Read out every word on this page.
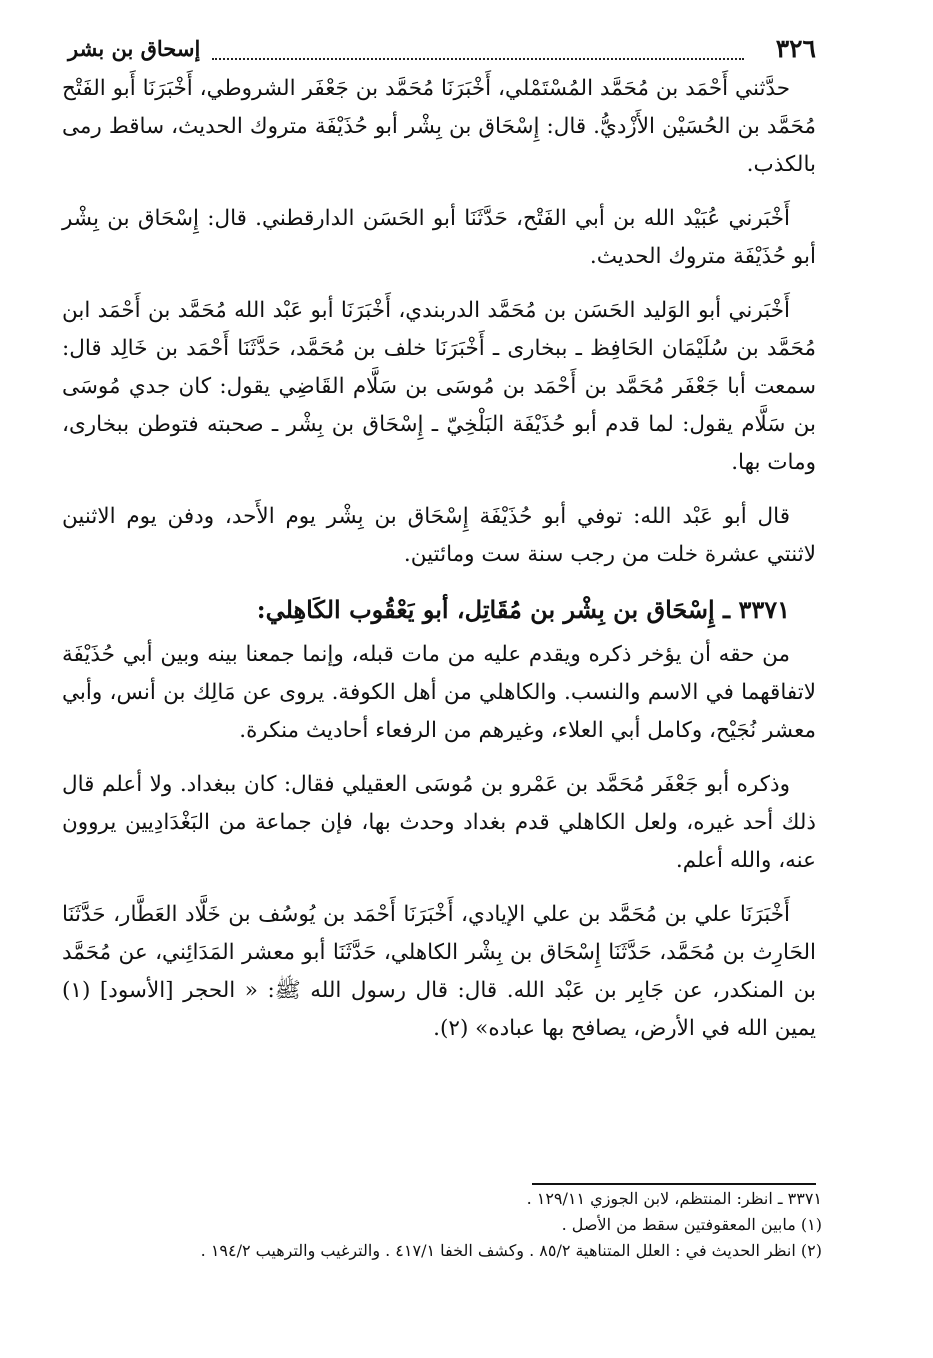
٣٢٦
إسحاق بن بشر

حدَّثني أَحْمَد بن مُحَمَّد المُسْتَمْلي، أَخْبَرَنَا مُحَمَّد بن جَعْفَر الشروطي، أَخْبَرَنَا أَبو الفَتْح مُحَمَّد بن الحُسَيْن الأَزْديُّ. قال: إِسْحَاق بن بِشْر أبو حُذَيْفَة متروك الحديث، ساقط رمى بالكذب.

أَخْبَرني عُبَيْد الله بن أبي الفَتْح، حَدَّثَنَا أبو الحَسَن الدارقطني. قال: إِسْحَاق بن بِشْر أبو حُذَيْفَة متروك الحديث.

أَخْبَرني أبو الوَليد الحَسَن بن مُحَمَّد الدربندي، أَخْبَرَنَا أبو عَبْد الله مُحَمَّد بن أَحْمَد ابن مُحَمَّد بن سُلَيْمَان الحَافِظ ـ ببخارى ـ أَخْبَرَنَا خلف بن مُحَمَّد، حَدَّثَنَا أَحْمَد بن خَالِد قال: سمعت أبا جَعْفَر مُحَمَّد بن أَحْمَد بن مُوسَى بن سَلَّام القَاضِي يقول: كان جدي مُوسَى بن سَلَّام يقول: لما قدم أبو حُذَيْفَة البَلْخِيّ ـ إِسْحَاق بن بِشْر ـ صحبته فتوطن ببخارى، ومات بها.

قال أبو عَبْد الله: توفي أبو حُذَيْفَة إِسْحَاق بن بِشْر يوم الأَحد، ودفن يوم الاثنين لاثنتي عشرة خلت من رجب سنة ست ومائتين.

٣٣٧١ ـ إِسْحَاق بن بِشْر بن مُقَاتِل، أبو يَعْقُوب الكَاهِلي:

من حقه أن يؤخر ذكره ويقدم عليه من مات قبله، وإنما جمعنا بينه وبين أبي حُذَيْفَة لاتفاقهما في الاسم والنسب. والكاهلي من أهل الكوفة. يروى عن مَالِك بن أنس، وأبي معشر نُجَيْح، وكامل أبي العلاء، وغيرهم من الرفعاء أحاديث منكرة.

وذكره أبو جَعْفَر مُحَمَّد بن عَمْرو بن مُوسَى العقيلي فقال: كان ببغداد. ولا أعلم قال ذلك أحد غيره، ولعل الكاهلي قدم بغداد وحدث بها، فإن جماعة من البَغْدَادِيين يروون عنه، والله أعلم.

أَخْبَرَنَا علي بن مُحَمَّد بن علي الإيادي، أَخْبَرَنَا أَحْمَد بن يُوسُف بن خَلَّاد العَطَّار، حَدَّثَنَا الحَارِث بن مُحَمَّد، حَدَّثَنَا إِسْحَاق بن بِشْر الكاهلي، حَدَّثَنَا أبو معشر المَدَائِني، عن مُحَمَّد بن المنكدر، عن جَابِر بن عَبْد الله. قال: قال رسول الله ﷺ: « الحجر [الأسود] (١) يمين الله في الأرض، يصافح بها عباده» (٢).

٣٣٧١ ـ انظر: المنتظم، لابن الجوزي ١٢٩/١١ .

(١) مابين المعقوفتين سقط من الأصل .

(٢) انظر الحديث في : العلل المتناهية ٨٥/٢ . وكشف الخفا ٤١٧/١ . والترغيب والترهيب ١٩٤/٢ .
